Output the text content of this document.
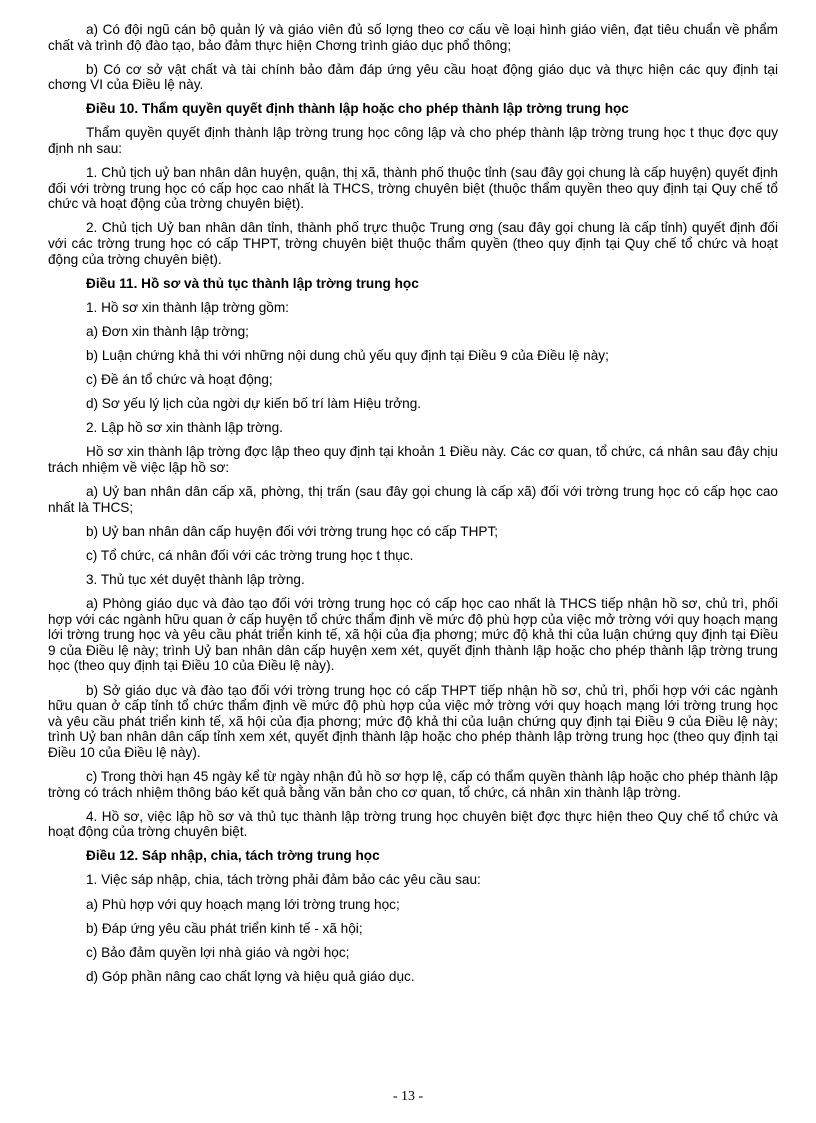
a) Có đội ngũ cán bộ quản lý và giáo viên đủ số lợng theo cơ cấu về loại hình giáo viên, đạt tiêu chuẩn về phẩm chất và trình độ đào tạo, bảo đảm thực hiện Chơng trình giáo dục phổ thông;

b) Có cơ sở vật chất và tài chính bảo đảm đáp ứng yêu cầu hoạt động giáo dục và thực hiện các quy định tại chơng VI của Điều lệ này.

Điều 10. Thẩm quyền quyết định thành lập hoặc cho phép thành lập trờng trung học

Thẩm quyền quyết định thành lập trờng trung học công lập và cho phép thành lập trờng trung học t thục đợc quy định nh sau:

1. Chủ tịch uỷ ban nhân dân huyện, quận, thị xã, thành phố thuộc tỉnh (sau đây gọi chung là cấp huyện) quyết định đối với trờng trung học có cấp học cao nhất là THCS, trờng chuyên biệt (thuộc thẩm quyền theo quy định tại Quy chế tổ chức và hoạt động của trờng chuyên biệt).

2. Chủ tịch Uỷ ban nhân dân tỉnh, thành phố trực thuộc Trung ơng (sau đây gọi chung là cấp tỉnh) quyết định đối với các trờng trung học có cấp THPT, trờng chuyên biệt thuộc thẩm quyền (theo quy định tại Quy chế tổ chức và hoạt động của trờng chuyên biệt).

Điều 11. Hồ sơ và thủ tục thành lập trờng trung học

1. Hồ sơ xin thành lập trờng gồm:

a) Đơn xin thành lập trờng;

b) Luận chứng khả thi với những nội dung chủ yếu quy định tại Điều 9 của Điều lệ này;

c) Đề án tổ chức và hoạt động;

d) Sơ yếu lý lịch của ngời dự kiến bố trí làm Hiệu trởng.

2. Lập hồ sơ xin thành lập trờng.

Hồ sơ xin thành lập trờng đợc lập theo quy định tại khoản 1 Điều này. Các cơ quan, tổ chức, cá nhân sau đây chịu trách nhiệm về việc lập hồ sơ:

a) Uỷ ban nhân dân cấp xã, phờng, thị trấn (sau đây gọi chung là cấp xã) đối với trờng trung học có cấp học cao nhất là THCS;

b) Uỷ ban nhân dân cấp huyện đối với trờng trung học có cấp THPT;

c) Tổ chức, cá nhân đối với các trờng trung học t thục.

3. Thủ tục xét duyệt thành lập trờng.

a) Phòng giáo dục và đào tạo đối với trờng trung học có cấp học cao nhất là THCS tiếp nhận hồ sơ, chủ trì, phối hợp với các ngành hữu quan ở cấp huyện tổ chức thẩm định về mức độ phù hợp của việc mở trờng với quy hoạch mạng lới trờng trung học và yêu cầu phát triển kinh tế, xã hội của địa phơng; mức độ khả thi của luận chứng quy định tại Điều 9 của Điều lệ này; trình Uỷ ban nhân dân cấp huyện xem xét, quyết định thành lập hoặc cho phép thành lập trờng trung học (theo quy định tại Điều 10 của Điều lệ này).

b) Sở giáo dục và đào tạo đối với trờng trung học có cấp THPT tiếp nhận hồ sơ, chủ trì, phối hợp với các ngành hữu quan ở cấp tỉnh tổ chức thẩm định về mức độ phù hợp của việc mở trờng với quy hoạch mạng lới trờng trung học và yêu cầu phát triển kinh tế, xã hội của địa phơng; mức độ khả thi của luận chứng quy định tại Điều 9 của Điều lệ này; trình Uỷ ban nhân dân cấp tỉnh xem xét, quyết định thành lập hoặc cho phép thành lập trờng trung học (theo quy định tại Điều 10 của Điều lệ này).

c) Trong thời hạn 45 ngày kể từ ngày nhận đủ hồ sơ hợp lệ, cấp có thẩm quyền thành lập hoặc cho phép thành lập trờng có trách nhiệm thông báo kết quả bằng văn bản cho cơ quan, tổ chức, cá nhân xin thành lập trờng.

4. Hồ sơ, việc lập hồ sơ và thủ tục thành lập trờng trung học chuyên biệt đợc thực hiện theo Quy chế tổ chức và hoạt động của trờng chuyên biệt.

Điều 12. Sáp nhập, chia, tách trờng trung học

1. Việc sáp nhập, chia, tách trờng phải đảm bảo các yêu cầu sau:

a) Phù hợp với quy hoạch mạng lới trờng trung học;

b) Đáp ứng yêu cầu phát triển kinh tế - xã hội;

c) Bảo đảm quyền lợi nhà giáo và ngời học;

d) Góp phần nâng cao chất lợng và hiệu quả giáo dục.

- 13 -
